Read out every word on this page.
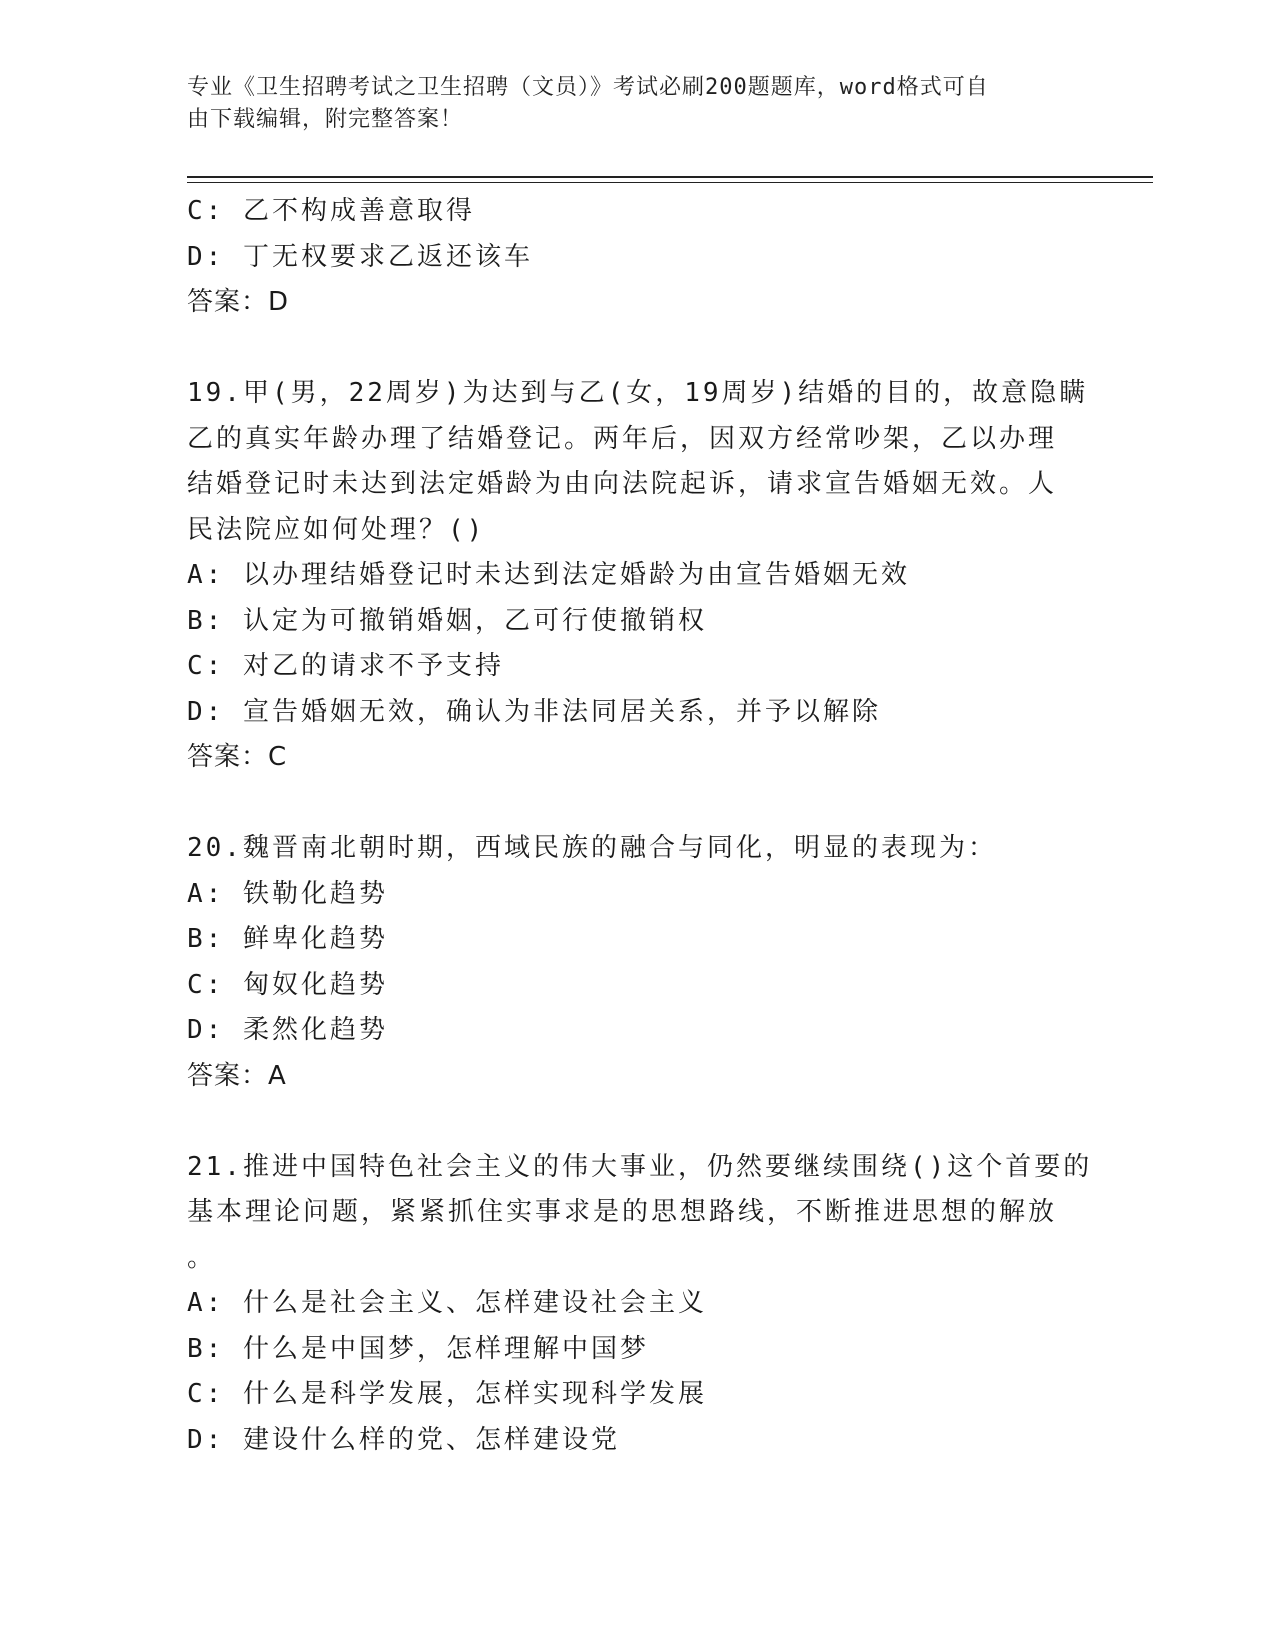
专业《卫生招聘考试之卫生招聘（文员）》考试必刷200题题库，word格式可自
由下载编辑，附完整答案！
C: 乙不构成善意取得
D: 丁无权要求乙返还该车
答案：D
19.甲(男，22周岁)为达到与乙(女，19周岁)结婚的目的，故意隐瞒
乙的真实年龄办理了结婚登记。两年后，因双方经常吵架，乙以办理
结婚登记时未达到法定婚龄为由向法院起诉，请求宣告婚姻无效。人
民法院应如何处理？()
A: 以办理结婚登记时未达到法定婚龄为由宣告婚姻无效
B: 认定为可撤销婚姻，乙可行使撤销权
C: 对乙的请求不予支持
D: 宣告婚姻无效，确认为非法同居关系，并予以解除
答案：C
20.魏晋南北朝时期，西域民族的融合与同化，明显的表现为：
A: 铁勒化趋势
B: 鲜卑化趋势
C: 匈奴化趋势
D: 柔然化趋势
答案：A
21.推进中国特色社会主义的伟大事业，仍然要继续围绕()这个首要的
基本理论问题，紧紧抓住实事求是的思想路线，不断推进思想的解放
。
A: 什么是社会主义、怎样建设社会主义
B: 什么是中国梦，怎样理解中国梦
C: 什么是科学发展，怎样实现科学发展
D: 建设什么样的党、怎样建设党
